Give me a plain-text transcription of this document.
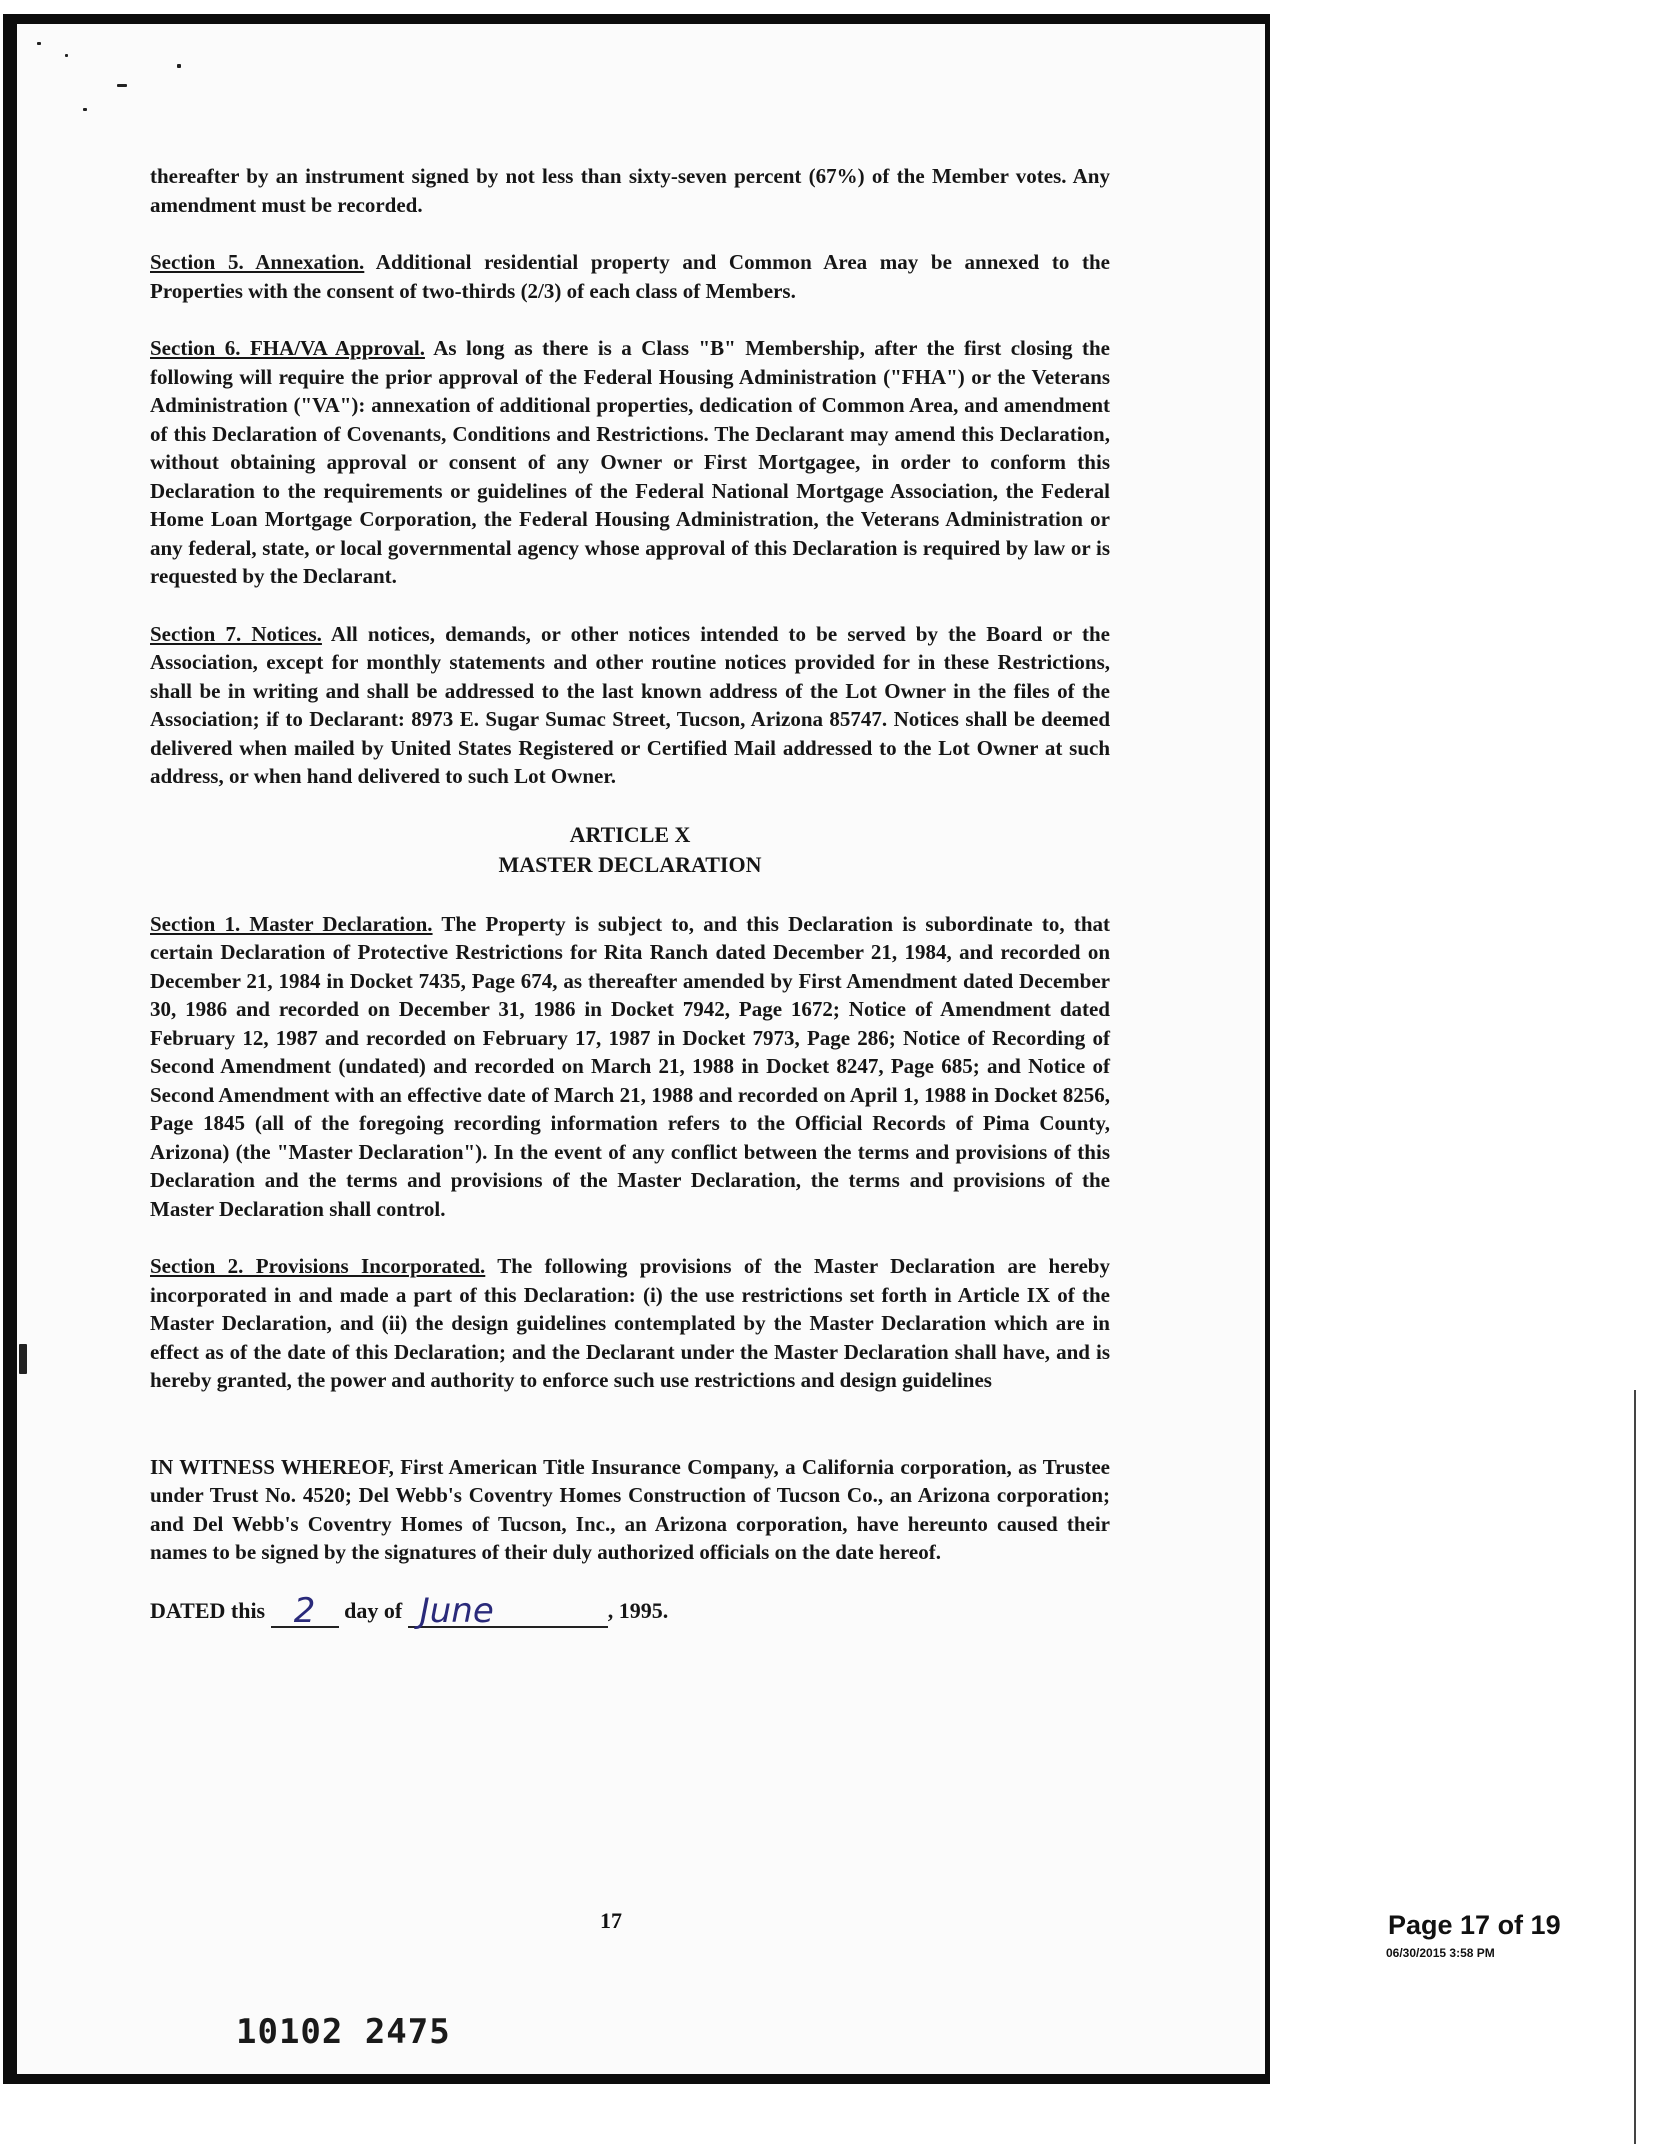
thereafter by an instrument signed by not less than sixty-seven percent (67%) of the Member votes. Any amendment must be recorded.

Section 5. Annexation. Additional residential property and Common Area may be annexed to the Properties with the consent of two-thirds (2/3) of each class of Members.

Section 6. FHA/VA Approval. As long as there is a Class "B" Membership, after the first closing the following will require the prior approval of the Federal Housing Administration ("FHA") or the Veterans Administration ("VA"): annexation of additional properties, dedication of Common Area, and amendment of this Declaration of Covenants, Conditions and Restrictions. The Declarant may amend this Declaration, without obtaining approval or consent of any Owner or First Mortgagee, in order to conform this Declaration to the requirements or guidelines of the Federal National Mortgage Association, the Federal Home Loan Mortgage Corporation, the Federal Housing Administration, the Veterans Administration or any federal, state, or local governmental agency whose approval of this Declaration is required by law or is requested by the Declarant.

Section 7. Notices. All notices, demands, or other notices intended to be served by the Board or the Association, except for monthly statements and other routine notices provided for in these Restrictions, shall be in writing and shall be addressed to the last known address of the Lot Owner in the files of the Association; if to Declarant: 8973 E. Sugar Sumac Street, Tucson, Arizona 85747. Notices shall be deemed delivered when mailed by United States Registered or Certified Mail addressed to the Lot Owner at such address, or when hand delivered to such Lot Owner.

ARTICLE X
MASTER DECLARATION

Section 1. Master Declaration. The Property is subject to, and this Declaration is subordinate to, that certain Declaration of Protective Restrictions for Rita Ranch dated December 21, 1984, and recorded on December 21, 1984 in Docket 7435, Page 674, as thereafter amended by First Amendment dated December 30, 1986 and recorded on December 31, 1986 in Docket 7942, Page 1672; Notice of Amendment dated February 12, 1987 and recorded on February 17, 1987 in Docket 7973, Page 286; Notice of Recording of Second Amendment (undated) and recorded on March 21, 1988 in Docket 8247, Page 685; and Notice of Second Amendment with an effective date of March 21, 1988 and recorded on April 1, 1988 in Docket 8256, Page 1845 (all of the foregoing recording information refers to the Official Records of Pima County, Arizona) (the "Master Declaration"). In the event of any conflict between the terms and provisions of this Declaration and the terms and provisions of the Master Declaration, the terms and provisions of the Master Declaration shall control.

Section 2. Provisions Incorporated. The following provisions of the Master Declaration are hereby incorporated in and made a part of this Declaration: (i) the use restrictions set forth in Article IX of the Master Declaration, and (ii) the design guidelines contemplated by the Master Declaration which are in effect as of the date of this Declaration; and the Declarant under the Master Declaration shall have, and is hereby granted, the power and authority to enforce such use restrictions and design guidelines

IN WITNESS WHEREOF, First American Title Insurance Company, a California corporation, as Trustee under Trust No. 4520; Del Webb's Coventry Homes Construction of Tucson Co., an Arizona corporation; and Del Webb's Coventry Homes of Tucson, Inc., an Arizona corporation, have hereunto caused their names to be signed by the signatures of their duly authorized officials on the date hereof.

DATED this 2 day of June	, 1995.
17
10102 2475
Page 17 of 19
06/30/2015 3:58 PM
